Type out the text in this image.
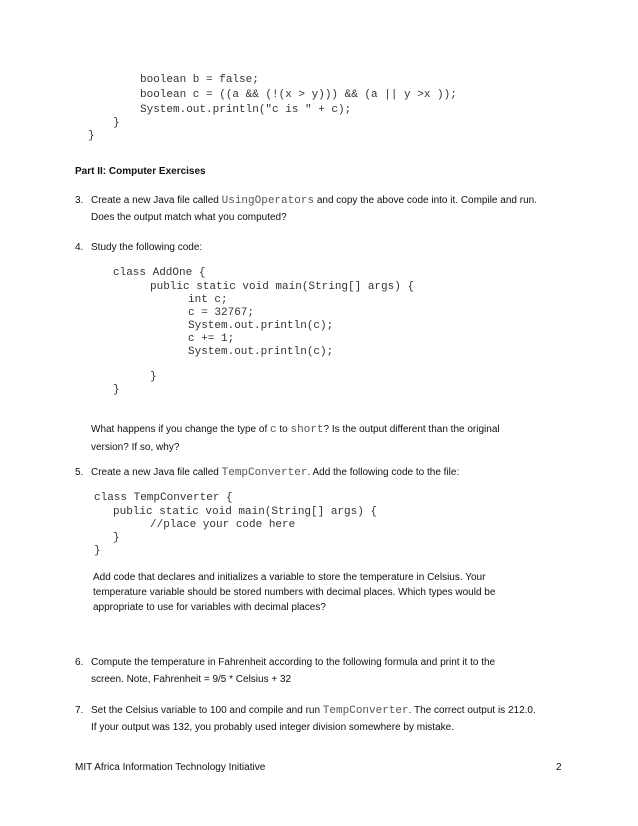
boolean b = false;
boolean c = ((a && (!(x > y))) && (a || y >x ));
System.out.println("c is " + c);
}
}
Part II: Computer Exercises
3. Create a new Java file called UsingOperators and copy the above code into it. Compile and run.
Does the output match what you computed?
4. Study the following code:
class AddOne {
public static void main(String[] args) {
int c;
c = 32767;
System.out.println(c);
c += 1;
System.out.println(c);
}
}
What happens if you change the type of c to short? Is the output different than the original
version? If so, why?
5. Create a new Java file called TempConverter. Add the following code to the file:
class TempConverter {
public static void main(String[] args) {
//place your code here
}
}
Add code that declares and initializes a variable to store the temperature in Celsius. Your
temperature variable should be stored numbers with decimal places. Which types would be
appropriate to use for variables with decimal places?
6. Compute the temperature in Fahrenheit according to the following formula and print it to the
screen. Note, Fahrenheit = 9/5 * Celsius + 32
7. Set the Celsius variable to 100 and compile and run TempConverter. The correct output is 212.0.
If your output was 132, you probably used integer division somewhere by mistake.
MIT Africa Information Technology Initiative	2
